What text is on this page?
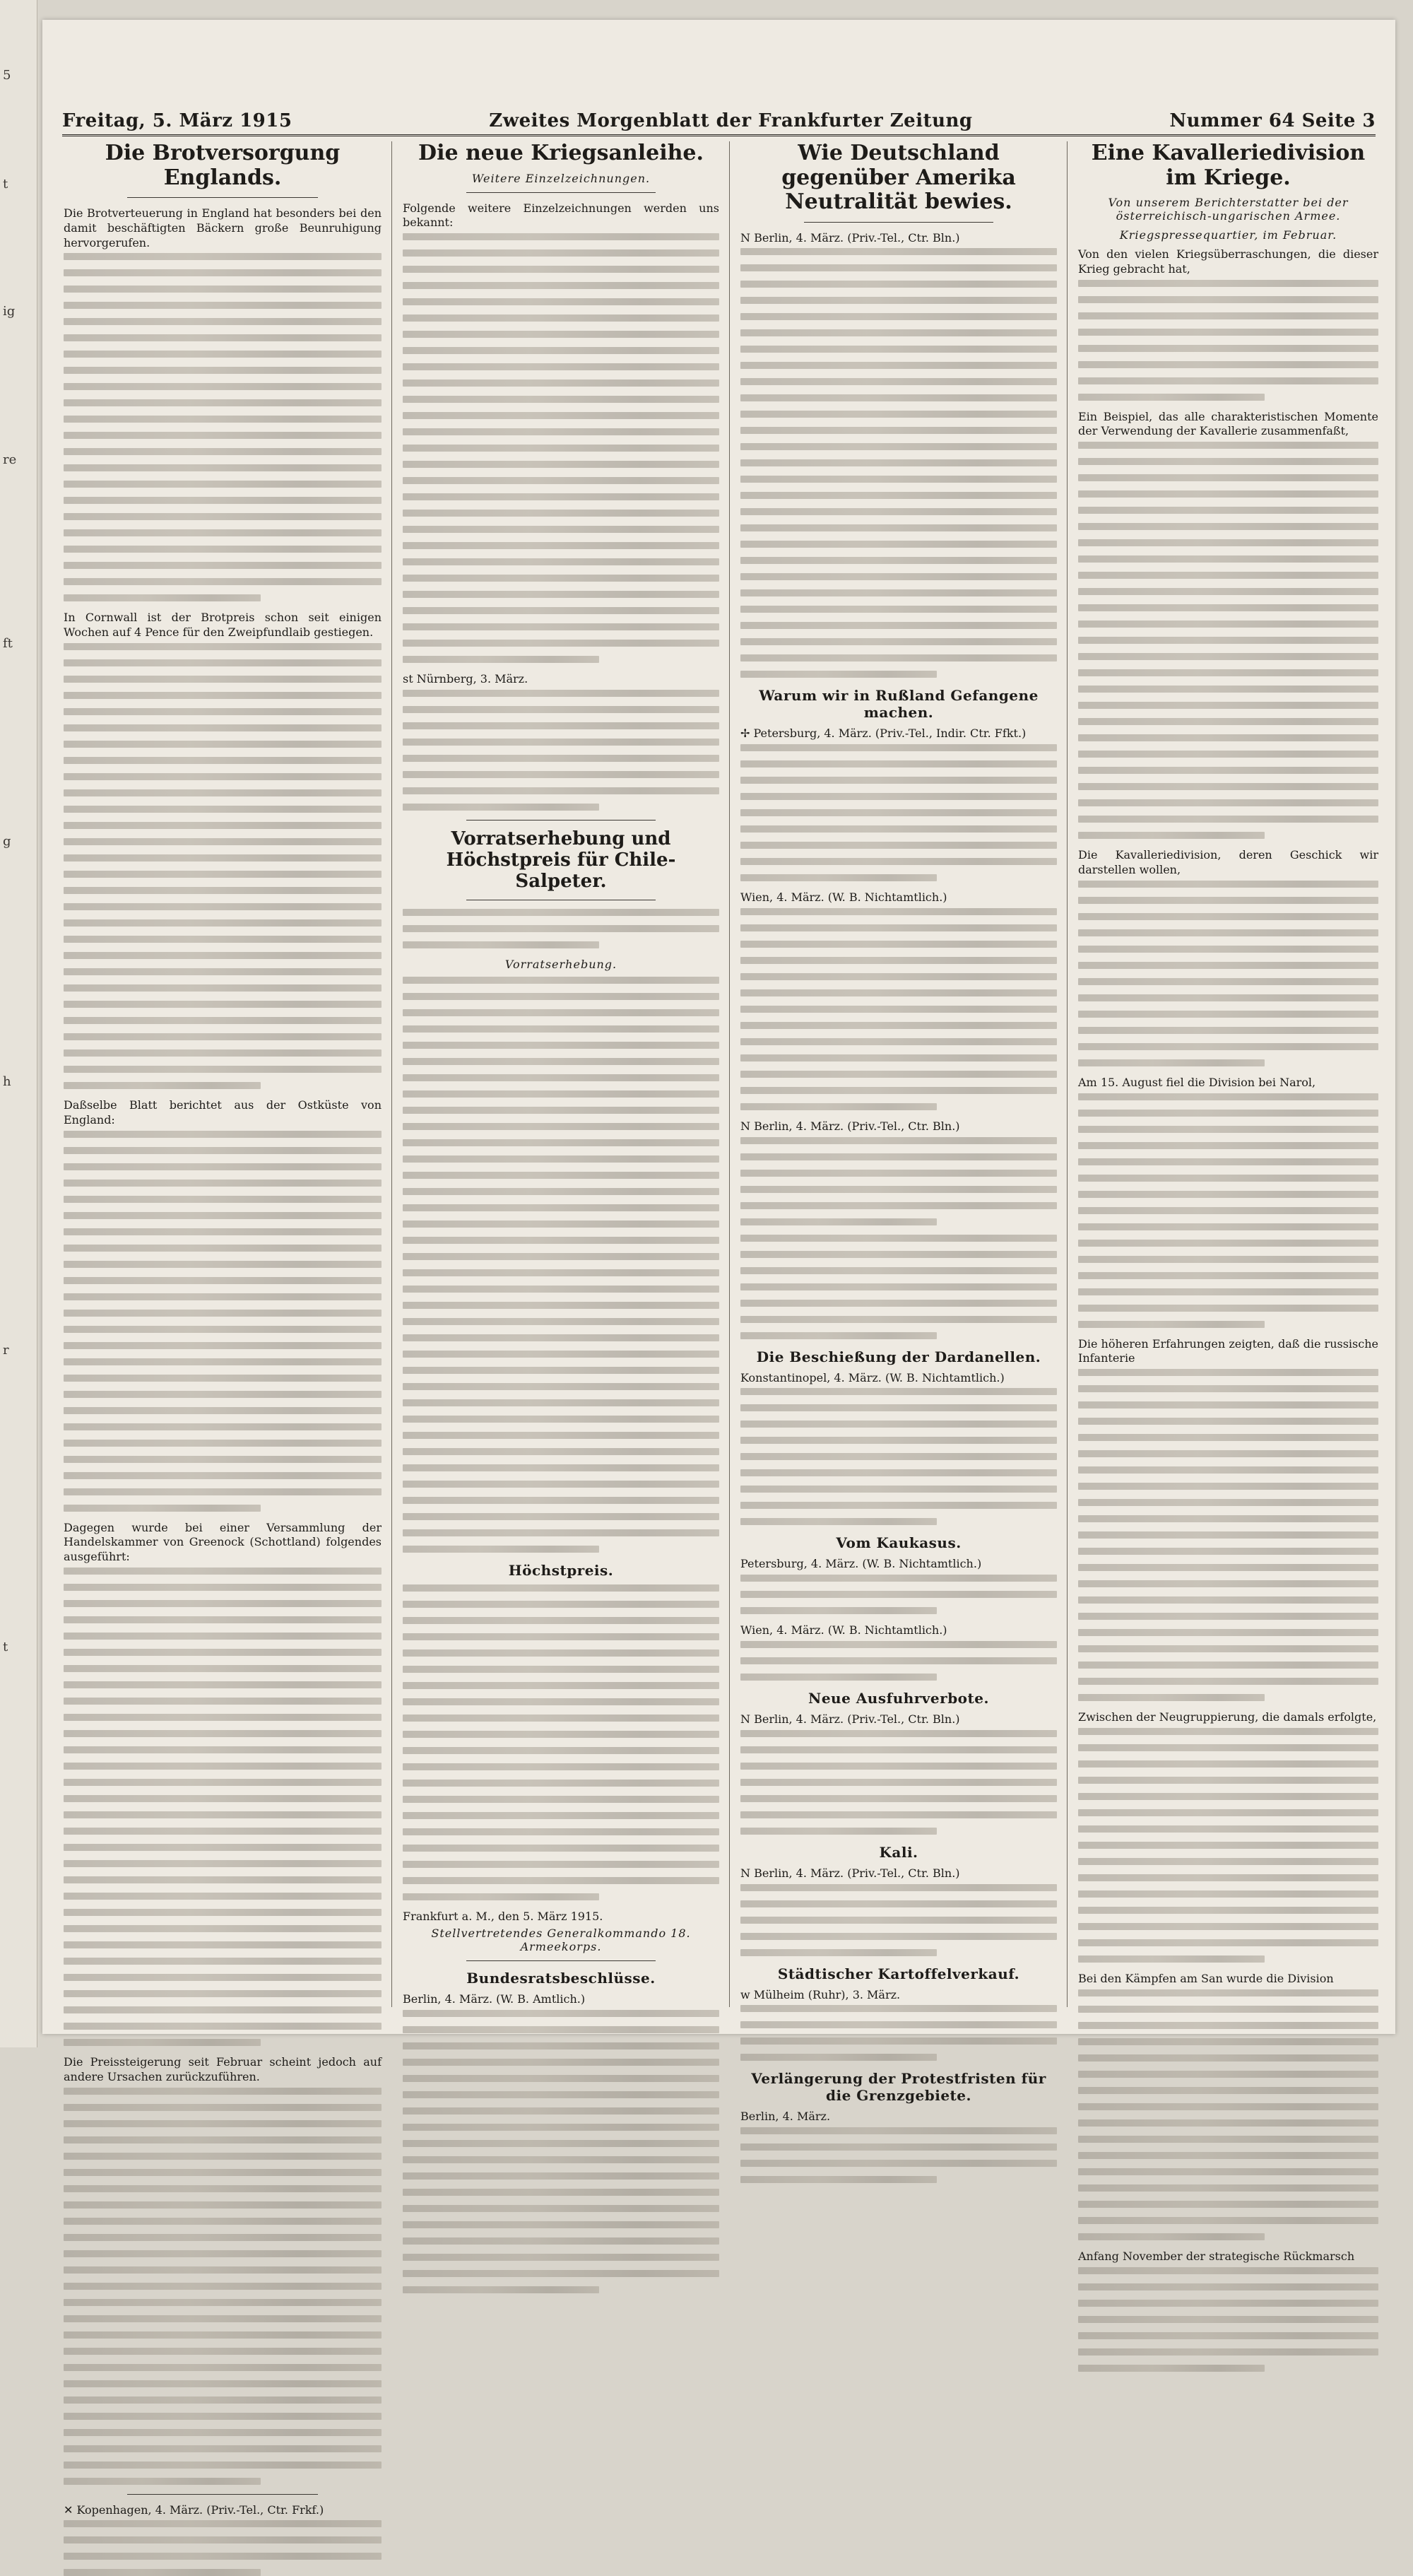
5
t
ig
re
ft
g
h
r
t
Freitag, 5. März 1915	Zweites Morgenblatt der Frankfurter Zeitung	Nummer 64 Seite 3
Die Brotversorgung Englands.

Die Brotverteuerung in England hat besonders bei den damit beschäftigten Bäckern große Beunruhigung hervorgerufen.

In Cornwall ist der Brotpreis schon seit einigen Wochen auf 4 Pence für den Zweipfundlaib gestiegen.

Daßselbe Blatt berichtet aus der Ostküste von England:

Dagegen wurde bei einer Versammlung der Handelskammer von Greenock (Schottland) folgendes ausgeführt:

Die Preissteigerung seit Februar scheint jedoch auf andere Ursachen zurückzuführen.

✕ Kopenhagen, 4. März. (Priv.-Tel., Ctr. Frkf.)

Die neue Kriegsanleihe.

Weitere Einzelzeichnungen.

Folgende weitere Einzelzeichnungen werden uns bekannt:

st Nürnberg, 3. März.

Vorratserhebung und Höchstpreis für Chile-Salpeter.

Vorratserhebung.

Höchstpreis.

Frankfurt a. M., den 5. März 1915.

Stellvertretendes Generalkommando 18. Armeekorps.

Bundesratsbeschlüsse.

Berlin, 4. März. (W. B. Amtlich.)

Wie Deutschland gegenüber Amerika Neutralität bewies.

N Berlin, 4. März. (Priv.-Tel., Ctr. Bln.)

Warum wir in Rußland Gefangene machen.

✢ Petersburg, 4. März. (Priv.-Tel., Indir. Ctr. Ffkt.)

Wien, 4. März. (W. B. Nichtamtlich.)

N Berlin, 4. März. (Priv.-Tel., Ctr. Bln.)

Die Beschießung der Dardanellen.

Konstantinopel, 4. März. (W. B. Nichtamtlich.)

Vom Kaukasus.

Petersburg, 4. März. (W. B. Nichtamtlich.)

Wien, 4. März. (W. B. Nichtamtlich.)

Neue Ausfuhrverbote.

N Berlin, 4. März. (Priv.-Tel., Ctr. Bln.)

Kali.

N Berlin, 4. März. (Priv.-Tel., Ctr. Bln.)

Städtischer Kartoffelverkauf.

w Mülheim (Ruhr), 3. März.

Verlängerung der Protestfristen für die Grenzgebiete.

Berlin, 4. März.

Eine Kavalleriedivision im Kriege.

Von unserem Berichterstatter bei der österreichisch-ungarischen Armee.

Kriegspressequartier, im Februar.

Von den vielen Kriegsüberraschungen, die dieser Krieg gebracht hat,

Ein Beispiel, das alle charakteristischen Momente der Verwendung der Kavallerie zusammenfaßt,

Die Kavalleriedivision, deren Geschick wir darstellen wollen,

Am 15. August fiel die Division bei Narol,

Die höheren Erfahrungen zeigten, daß die russische Infanterie

Zwischen der Neugruppierung, die damals erfolgte,

Bei den Kämpfen am San wurde die Division

Anfang November der strategische Rückmarsch
